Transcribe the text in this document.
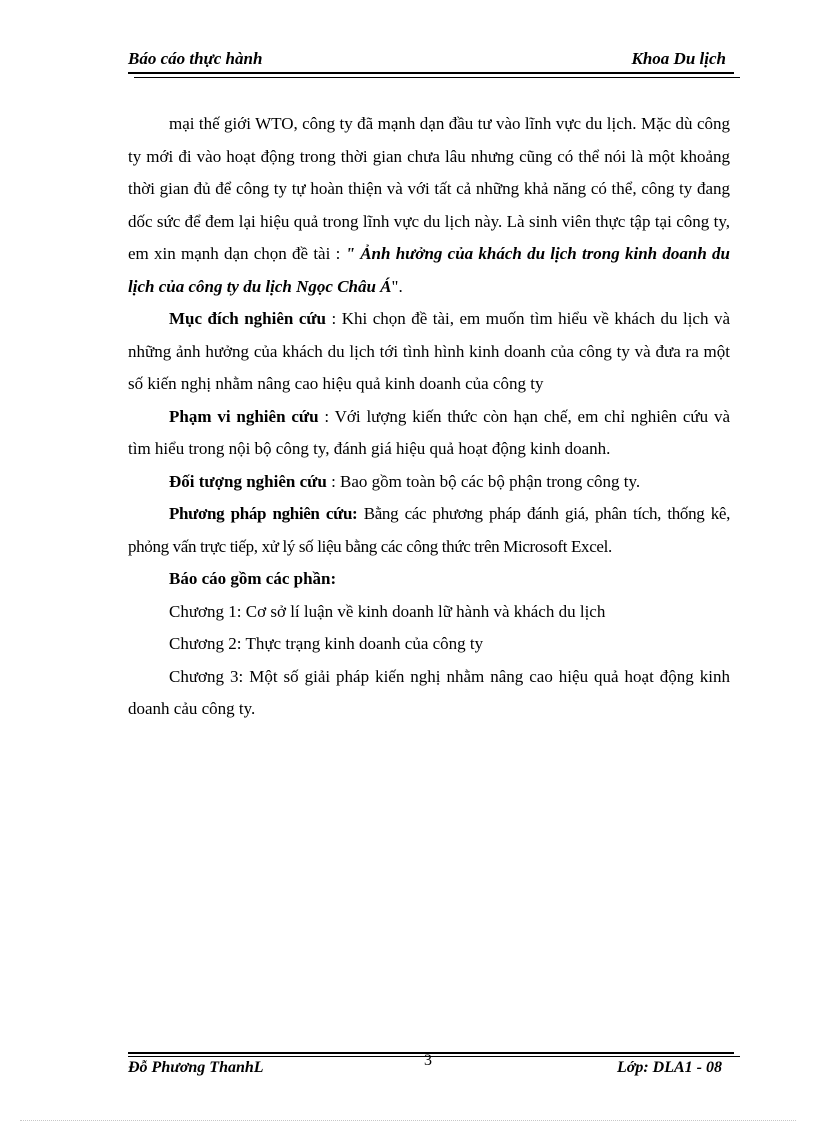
Báo cáo thực hành	Khoa Du lịch

mại thế giới WTO, công ty đã mạnh dạn đầu tư vào lĩnh vực du lịch. Mặc dù công ty mới đi vào hoạt động trong thời gian chưa lâu nhưng cũng có thể nói là một khoảng thời gian đủ để công ty tự hoàn thiện và với tất cả những khả năng có thể, công ty đang dốc sức để đem lại hiệu quả trong lĩnh vực du lịch này. Là sinh viên thực tập tại công ty, em xin mạnh dạn chọn đề tài : " Ảnh hưởng của khách du lịch trong kinh doanh du lịch của công ty du lịch Ngọc Châu Á".

Mục đích nghiên cứu : Khi chọn đề tài, em muốn tìm hiểu về khách du lịch và những ảnh hưởng của khách du lịch tới tình hình kinh doanh của công ty và đưa ra một số kiến nghị nhằm nâng cao hiệu quả kinh doanh của công ty

Phạm vi nghiên cứu : Với lượng kiến thức còn hạn chế, em chỉ nghiên cứu và tìm hiểu trong nội bộ công ty, đánh giá hiệu quả hoạt động kinh doanh.

Đối tượng nghiên cứu : Bao gồm toàn bộ các bộ phận trong công ty.

Phương pháp nghiên cứu: Bằng các phương pháp đánh giá, phân tích, thống kê, phỏng vấn trực tiếp, xử lý số liệu bằng các công thức trên Microsoft Excel.

Báo cáo gồm các phần:

Chương 1: Cơ sở lí luận về kinh doanh lữ hành và khách du lịch

Chương 2: Thực trạng kinh doanh của công ty

Chương 3: Một số giải pháp kiến nghị nhằm nâng cao hiệu quả hoạt động kinh doanh cảu công ty.

Đỗ Phương ThanhL	3	Lớp: DLA1 - 08
